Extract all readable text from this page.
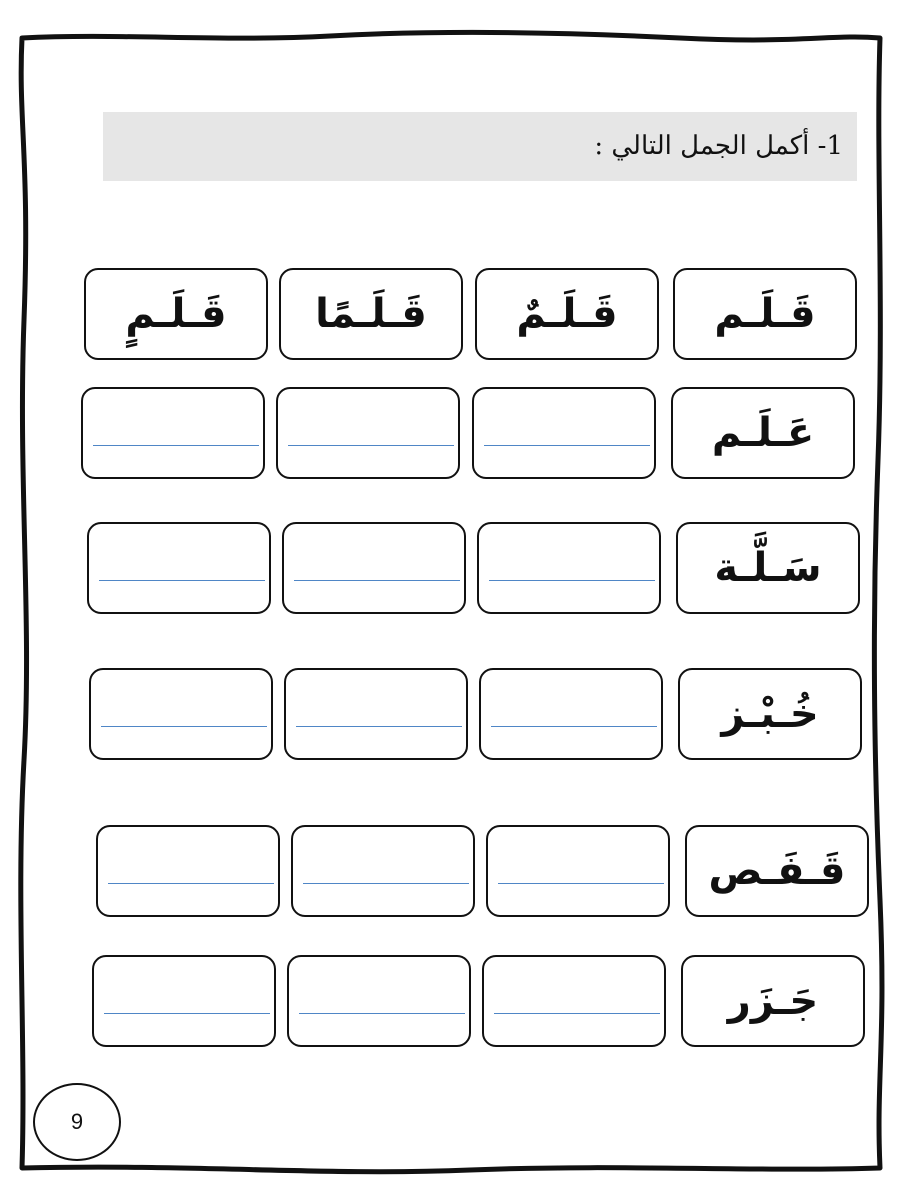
1- أكمل الجمل التالي :
قَـلَـم
قَـلَـمٌ
قَـلَـمًا
قَـلَـمٍ
عَـلَـم
سَـلَّـة
خُـبْـز
قَـفَـص
جَـزَر
9
